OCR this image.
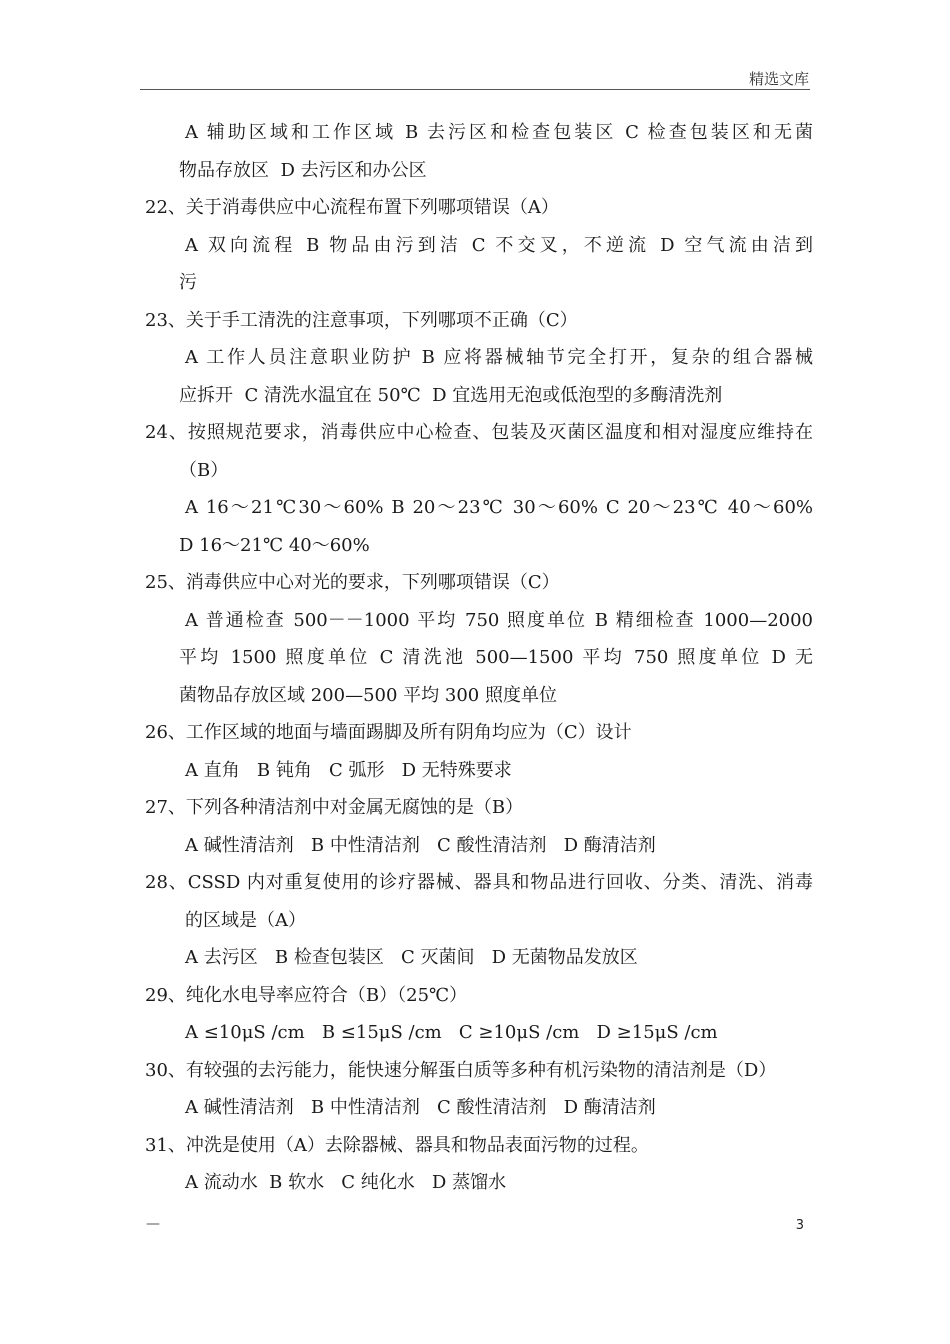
精选文库
A 辅助区域和工作区域 B 去污区和检查包装区 C 检查包装区和无菌
物品存放区  D 去污区和办公区
22、关于消毒供应中心流程布置下列哪项错误（A）
A 双向流程 B 物品由污到洁 C 不交叉，不逆流 D 空气流由洁到
污
23、关于手工清洗的注意事项，下列哪项不正确（C）
A 工作人员注意职业防护 B 应将器械轴节完全打开，复杂的组合器械
应拆开  C 清洗水温宜在 50℃  D 宜选用无泡或低泡型的多酶清洗剂
24、按照规范要求，消毒供应中心检查、包装及灭菌区温度和相对湿度应维持在
（B）
A 16～21℃30～60% B 20～23℃ 30～60% C 20～23℃ 40～60%
D 16～21℃ 40～60%
25、消毒供应中心对光的要求，下列哪项错误（C）
A 普通检查 500－－1000 平均 750 照度单位 B 精细检查 1000—2000
平均 1500 照度单位 C 清洗池 500—1500 平均 750 照度单位 D 无
菌物品存放区域 200—500 平均 300 照度单位
26、工作区域的地面与墙面踢脚及所有阴角均应为（C）设计
A 直角   B 钝角   C 弧形   D 无特殊要求
27、下列各种清洁剂中对金属无腐蚀的是（B）
A 碱性清洁剂   B 中性清洁剂   C 酸性清洁剂   D 酶清洁剂
28、CSSD 内对重复使用的诊疗器械、器具和物品进行回收、分类、清洗、消毒
的区域是（A）
A 去污区   B 检查包装区   C 灭菌间   D 无菌物品发放区
29、纯化水电导率应符合（B）（25℃）
A ≤10μS /cm   B ≤15μS /cm   C ≥10μS /cm   D ≥15μS /cm
30、有较强的去污能力，能快速分解蛋白质等多种有机污染物的清洁剂是（D）
A 碱性清洁剂   B 中性清洁剂   C 酸性清洁剂   D 酶清洁剂
31、冲洗是使用（A）去除器械、器具和物品表面污物的过程。
A 流动水  B 软水   C 纯化水   D 蒸馏水
—	3
